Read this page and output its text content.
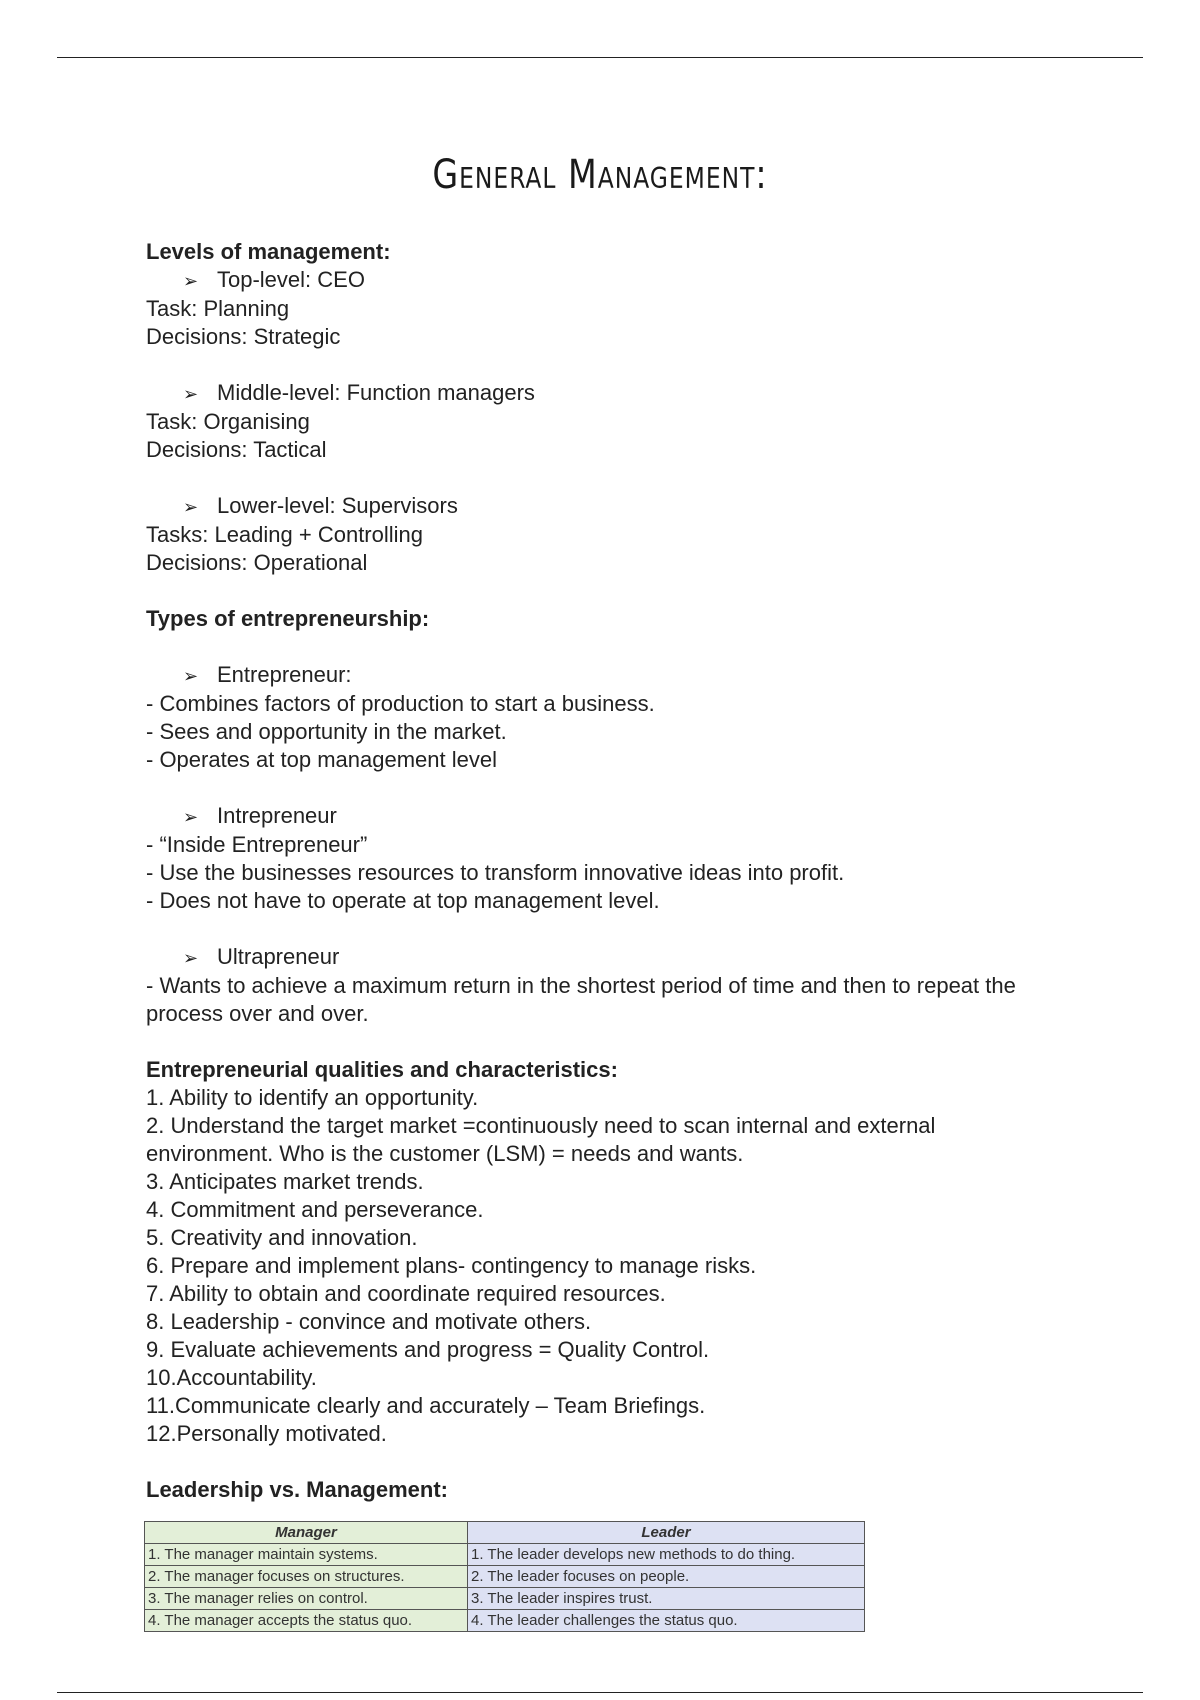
General Management:

Levels of management:

➢ Top-level: CEO

Task: Planning

Decisions: Strategic

➢ Middle-level: Function managers

Task: Organising

Decisions: Tactical

➢ Lower-level: Supervisors

Tasks: Leading + Controlling

Decisions: Operational

Types of entrepreneurship:

➢ Entrepreneur:

- Combines factors of production to start a business.

- Sees and opportunity in the market.

- Operates at top management level

➢ Intrepreneur

- “Inside Entrepreneur”

- Use the businesses resources to transform innovative ideas into profit.

- Does not have to operate at top management level.

➢ Ultrapreneur

- Wants to achieve a maximum return in the shortest period of time and then to repeat the process over and over.

Entrepreneurial qualities and characteristics:

1. Ability to identify an opportunity.

2. Understand the target market =continuously need to scan internal and external environment. Who is the customer (LSM) = needs and wants.

3. Anticipates market trends.

4. Commitment and perseverance.

5. Creativity and innovation.

6. Prepare and implement plans- contingency to manage risks.

7. Ability to obtain and coordinate required resources.

8. Leadership - convince and motivate others.

9. Evaluate achievements and progress = Quality Control.

10.Accountability.

11.Communicate clearly and accurately – Team Briefings.

12.Personally motivated.

Leadership vs. Management:

Manager	Leader
1. The manager maintain systems.	1. The leader develops new methods to do thing.
2. The manager focuses on structures.	2. The leader focuses on people.
3. The manager relies on control.	3. The leader inspires trust.
4. The manager accepts the status quo.	4. The leader challenges the status quo.
